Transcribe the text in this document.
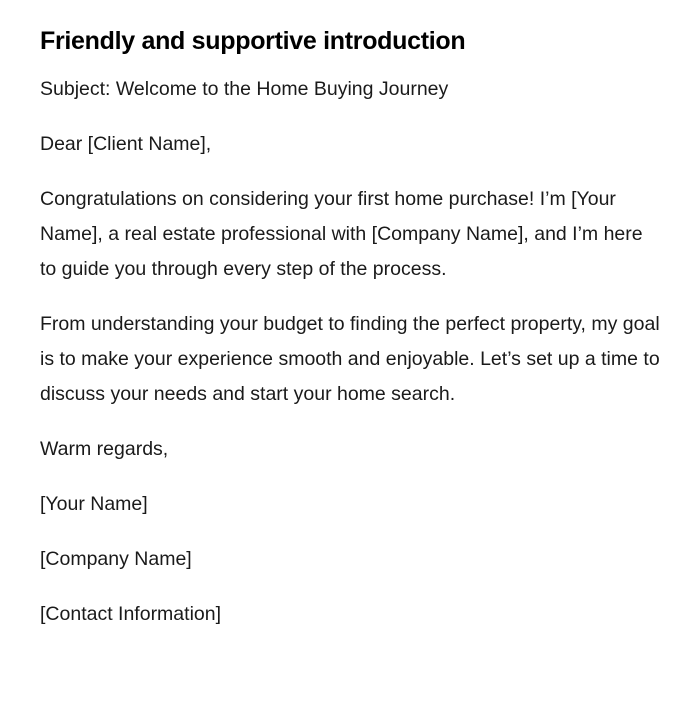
Friendly and supportive introduction

Subject: Welcome to the Home Buying Journey

Dear [Client Name],

Congratulations on considering your first home purchase! I’m [Your Name], a real estate professional with [Company Name], and I’m here to guide you through every step of the process.

From understanding your budget to finding the perfect property, my goal is to make your experience smooth and enjoyable. Let’s set up a time to discuss your needs and start your home search.

Warm regards,

[Your Name]

[Company Name]

[Contact Information]
